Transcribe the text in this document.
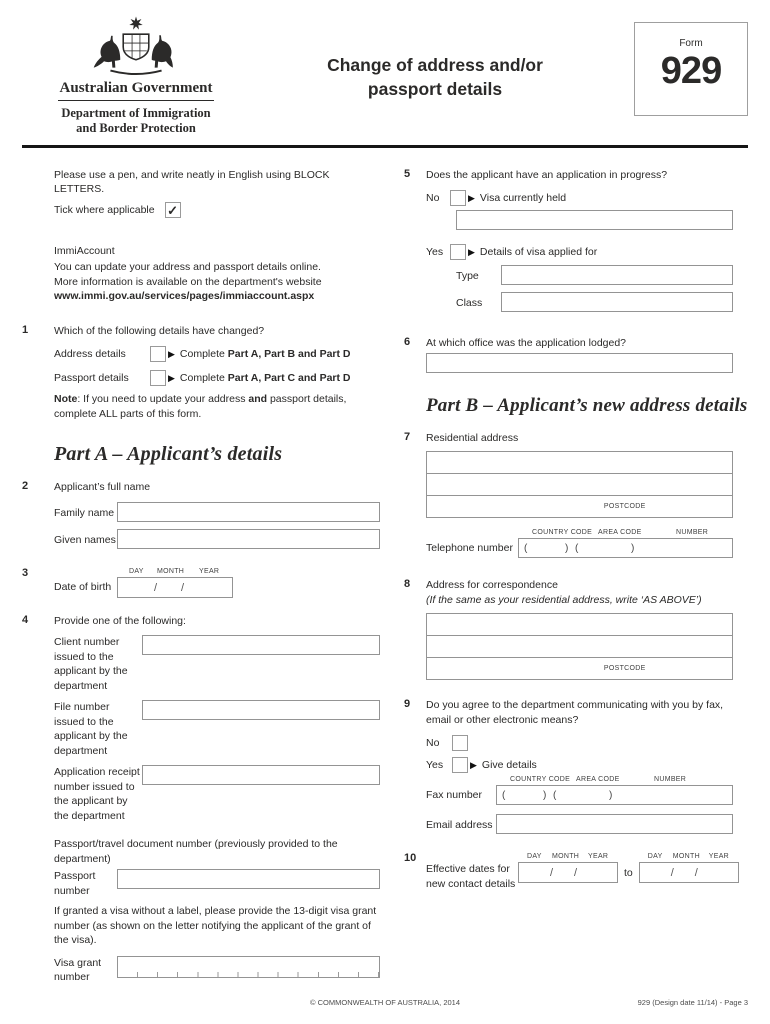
Australian Government
Department of Immigration
and Border Protection
Change of address and/or
passport details
Form
929
Please use a pen, and write neatly in English using BLOCK LETTERS.
Tick where applicable ✓
ImmiAccount
You can update your address and passport details online.
More information is available on the department's website
www.immi.gov.au/services/pages/immiaccount.aspx
1	Which of the following details have changed?
Address details	▶ Complete Part A, Part B and Part D
Passport details	▶ Complete Part A, Part C and Part D
Note: If you need to update your address and passport details, complete ALL parts of this form.
Part A – Applicant’s details
2	Applicant’s full name
Family name
Given names
3
Date of birth
DAY MONTH YEAR
/ /
4	Provide one of the following:
Client number issued to the applicant by the department
File number issued to the applicant by the department
Application receipt number issued to the applicant by the department
Passport/travel document number (previously provided to the department)
Passport number
If granted a visa without a label, please provide the 13-digit visa grant number (as shown on the letter notifying the applicant of the grant of the visa).
Visa grant number
5	Does the applicant have an application in progress?
No	▶ Visa currently held
Yes	▶ Details of visa applied for
Type
Class
6	At which office was the application lodged?
Part B – Applicant’s new address details
7	Residential address
POSTCODE
Telephone number
COUNTRY CODE AREA CODE	NUMBER
(	) (	)
8	Address for correspondence
(If the same as your residential address, write ‘AS ABOVE’)
POSTCODE
9	Do you agree to the department communicating with you by fax, email or other electronic means?
No
Yes	▶ Give details
Fax number
COUNTRY CODE AREA CODE	NUMBER
(	) (	)
Email address
10
Effective dates for new contact details
DAY MONTH YEAR
/ /	to
DAY MONTH YEAR
/ /
© COMMONWEALTH OF AUSTRALIA, 2014	929 (Design date 11/14) - Page 3
